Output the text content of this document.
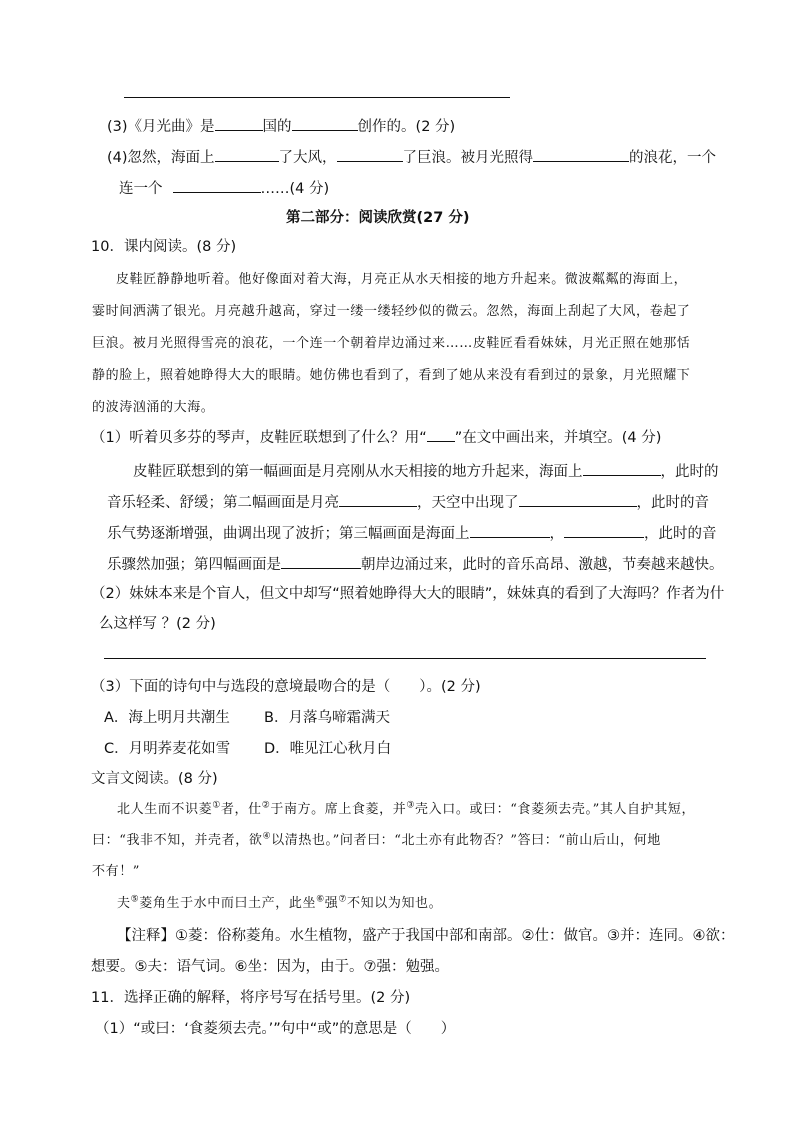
(3)《月光曲》是	国的	创作的。(2 分)
(4)忽然，海面上	了大风，	了巨浪。被月光照得	的浪花，一个
连一个	……(4 分)
第二部分：阅读欣赏(27 分)
10．课内阅读。(8 分)
皮鞋匠静静地听着。他好像面对着大海，月亮正从水天相接的地方升起来。微波粼粼的海面上，
霎时间洒满了银光。月亮越升越高，穿过一缕一缕轻纱似的微云。忽然，海面上刮起了大风，卷起了
巨浪。被月光照得雪亮的浪花，一个连一个朝着岸边涌过来……皮鞋匠看看妹妹，月光正照在她那恬
静的脸上，照着她睁得大大的眼睛。她仿佛也看到了，看到了她从来没有看到过的景象，月光照耀下
的波涛汹涌的大海。
（1）听着贝多芬的琴声，皮鞋匠联想到了什么？用“ ”在文中画出来，并填空。(4 分)
皮鞋匠联想到的第一幅画面是月亮刚从水天相接的地方升起来，海面上	，此时的
音乐轻柔、舒缓；第二幅画面是月亮	，天空中出现了	，此时的音
乐气势逐渐增强，曲调出现了波折；第三幅画面是海面上	，	，此时的音
乐骤然加强；第四幅画面是	朝岸边涌过来，此时的音乐高昂、激越，节奏越来越快。
（2）妹妹本来是个盲人，但文中却写“照着她睁得大大的眼睛”，妹妹真的看到了大海吗？作者为什
么这样写 ？(2 分)
（3）下面的诗句中与选段的意境最吻合的是（　　）。(2 分)
A．海上明月共潮生 B．月落乌啼霜满天
C．月明荞麦花如雪 D．唯见江心秋月白
文言文阅读。(8 分)
北人生而不识菱①者，仕②于南方。席上食菱，并③壳入口。或曰：“食菱须去壳。”其人自护其短，
曰：“我非不知，并壳者，欲④以清热也。”问者曰：“北土亦有此物否？”答曰：“前山后山，何地
不有！”
夫⑤菱角生于水中而曰土产，此坐⑥强⑦不知以为知也。
【注释】①菱：俗称菱角。水生植物，盛产于我国中部和南部。②仕：做官。③并：连同。④欲：
想要。⑤夫：语气词。⑥坐：因为，由于。⑦强：勉强。
11．选择正确的解释，将序号写在括号里。(2 分)
（1）“或曰：‘食菱须去壳。’”句中“或”的意思是（　　）
